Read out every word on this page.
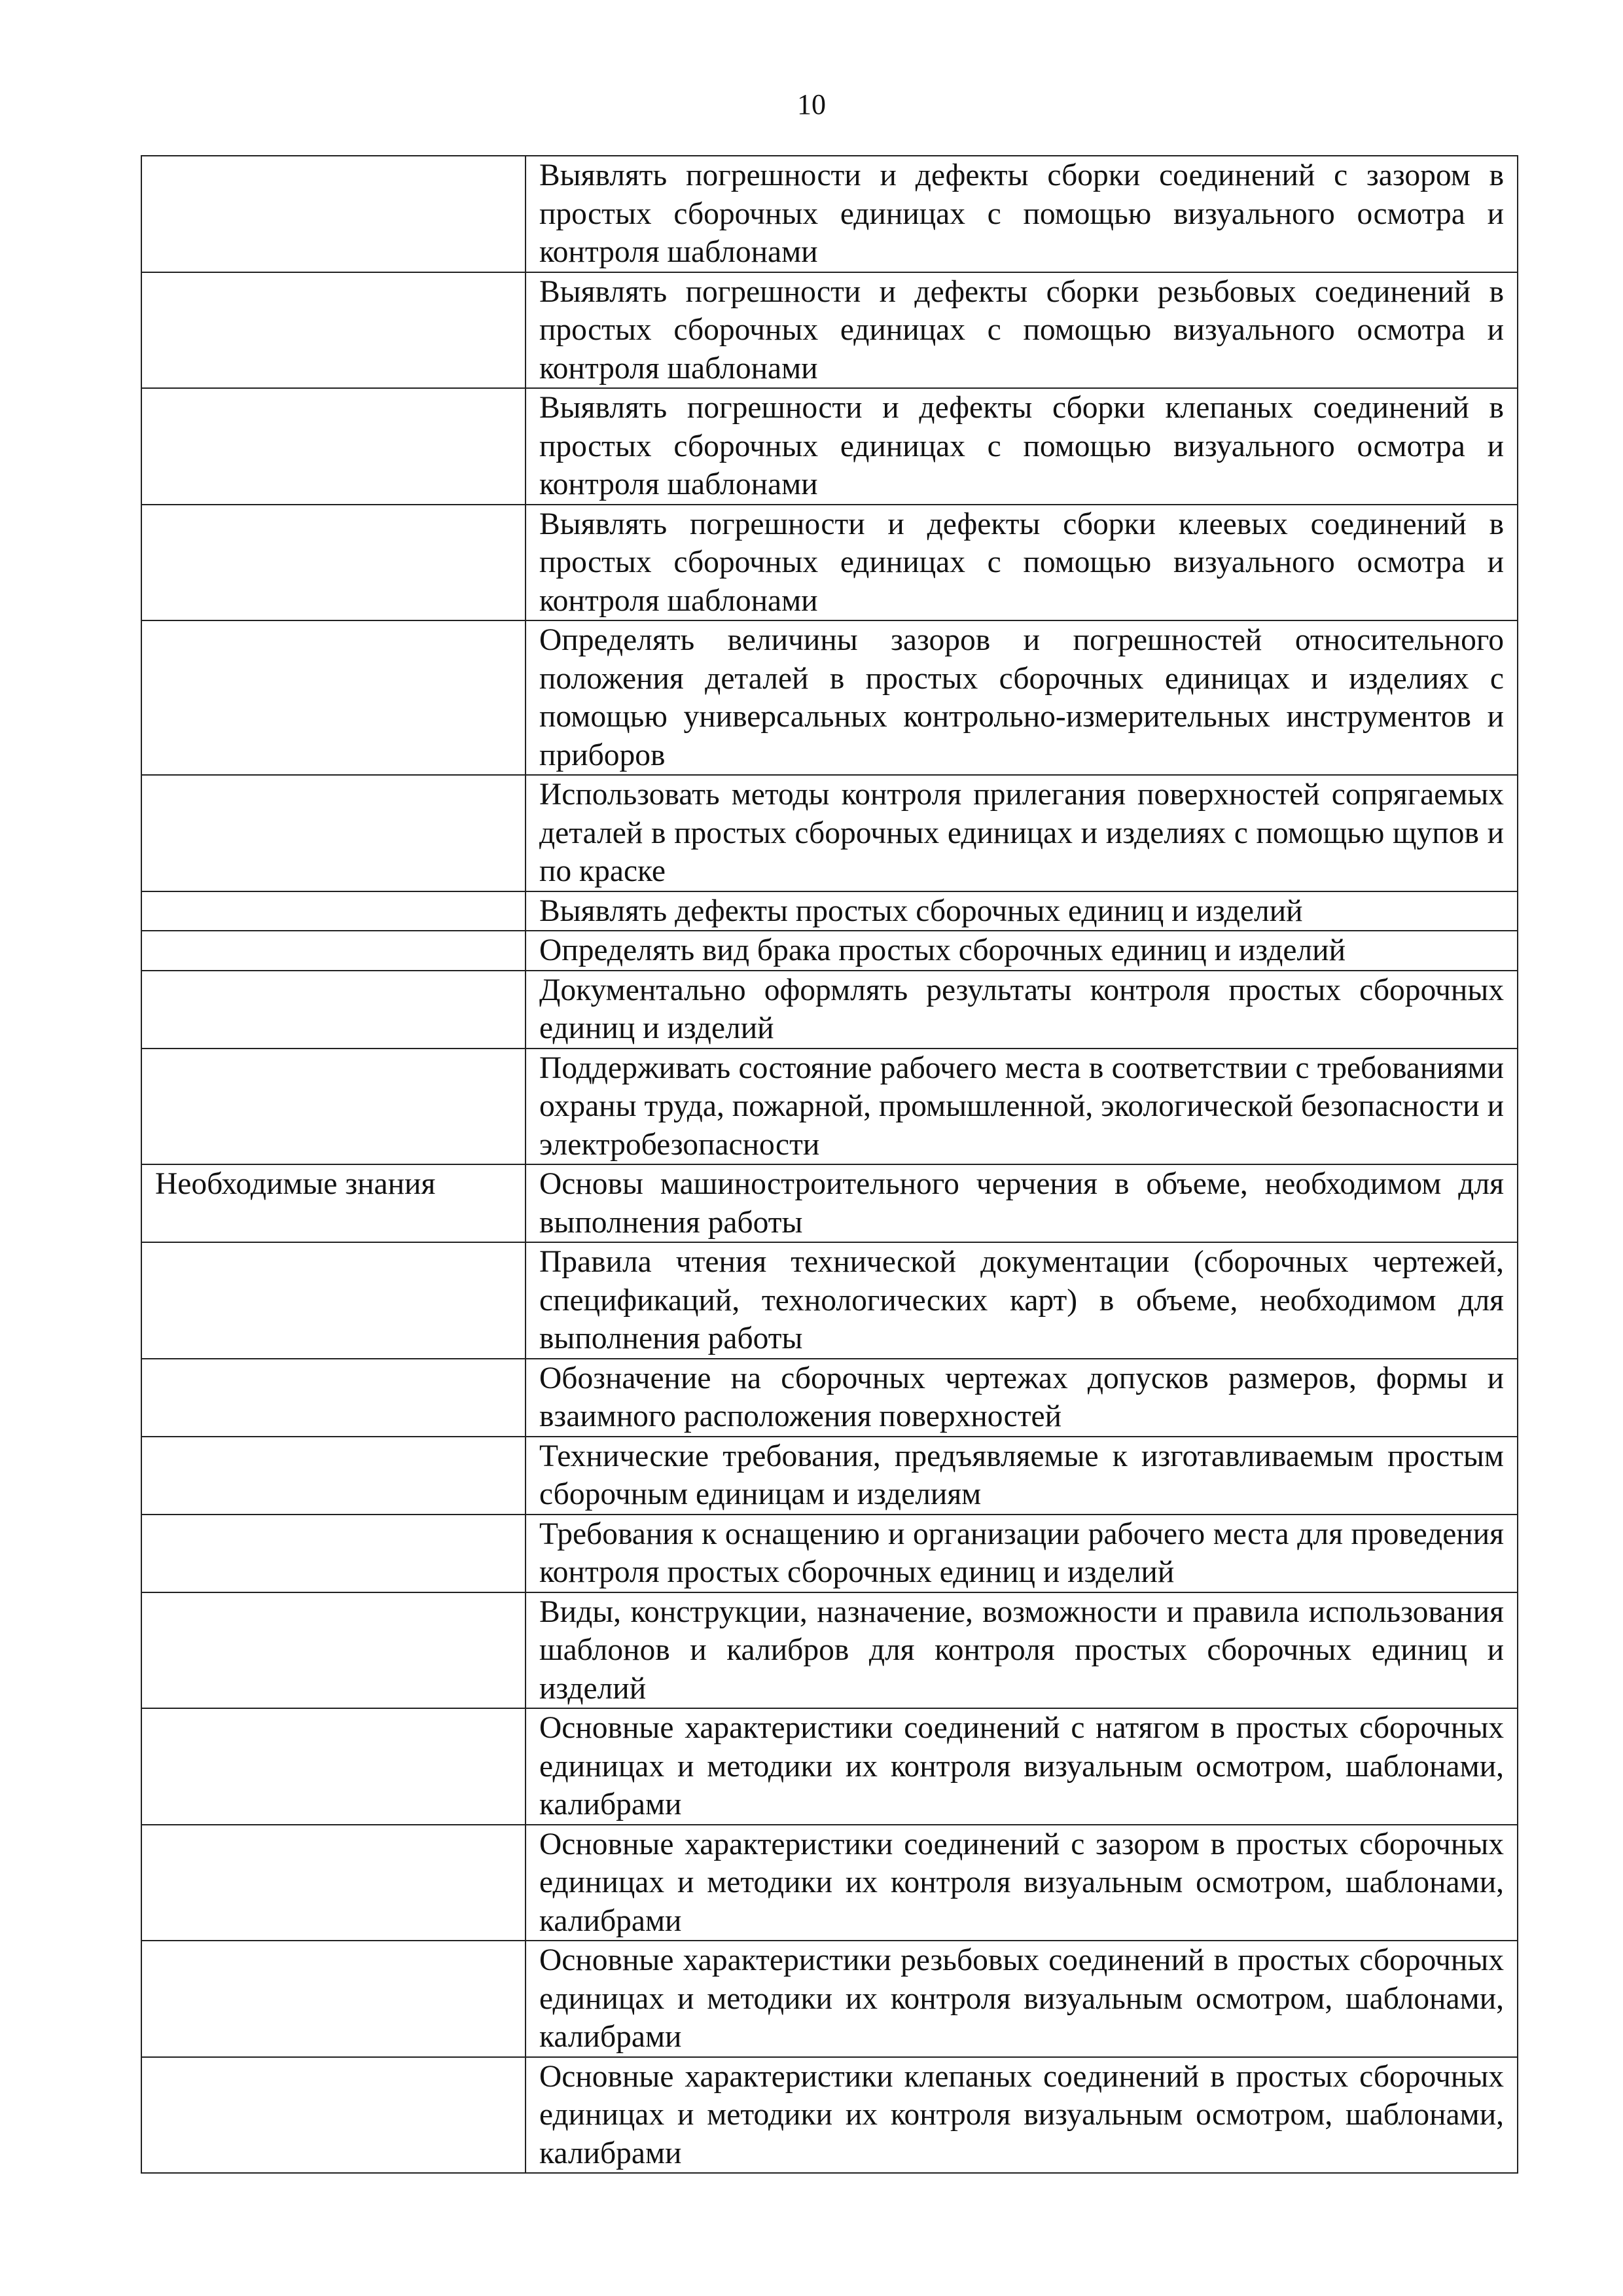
10
	Выявлять погрешности и дефекты сборки соединений с зазором в простых сборочных единицах с помощью визуального осмотра и контроля шаблонами
	Выявлять погрешности и дефекты сборки резьбовых соединений в простых сборочных единицах с помощью визуального осмотра и контроля шаблонами
	Выявлять погрешности и дефекты сборки клепаных соединений в простых сборочных единицах с помощью визуального осмотра и контроля шаблонами
	Выявлять погрешности и дефекты сборки клеевых соединений в простых сборочных единицах с помощью визуального осмотра и контроля шаблонами
	Определять величины зазоров и погрешностей относительного положения деталей в простых сборочных единицах и изделиях с помощью универсальных контрольно-измерительных инструментов и приборов
	Использовать методы контроля прилегания поверхностей сопрягаемых деталей в простых сборочных единицах и изделиях с помощью щупов и по краске
	Выявлять дефекты простых сборочных единиц и изделий
	Определять вид брака простых сборочных единиц и изделий
	Документально оформлять результаты контроля простых сборочных единиц и изделий
	Поддерживать состояние рабочего места в соответствии с требованиями охраны труда, пожарной, промышленной, экологической безопасности и электробезопасности
Необходимые знания	Основы машиностроительного черчения в объеме, необходимом для выполнения работы
	Правила чтения технической документации (сборочных чертежей, спецификаций, технологических карт) в объеме, необходимом для выполнения работы
	Обозначение на сборочных чертежах допусков размеров, формы и взаимного расположения поверхностей
	Технические требования, предъявляемые к изготавливаемым простым сборочным единицам и изделиям
	Требования к оснащению и организации рабочего места для проведения контроля простых сборочных единиц и изделий
	Виды, конструкции, назначение, возможности и правила использования шаблонов и калибров для контроля простых сборочных единиц и изделий
	Основные характеристики соединений с натягом в простых сборочных единицах и методики их контроля визуальным осмотром, шаблонами, калибрами
	Основные характеристики соединений с зазором в простых сборочных единицах и методики их контроля визуальным осмотром, шаблонами, калибрами
	Основные характеристики резьбовых соединений в простых сборочных единицах и методики их контроля визуальным осмотром, шаблонами, калибрами
	Основные характеристики клепаных соединений в простых сборочных единицах и методики их контроля визуальным осмотром, шаблонами, калибрами
